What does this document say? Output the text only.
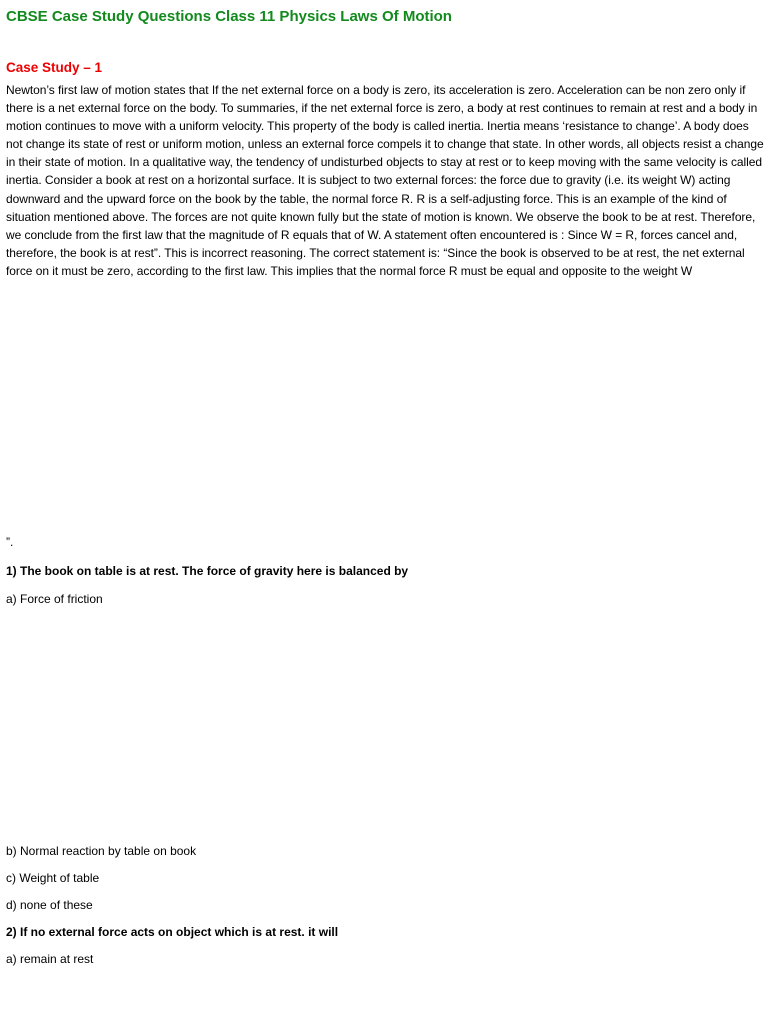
CBSE Case Study Questions Class 11 Physics Laws Of Motion
Case Study – 1

Newton’s first law of motion states that If the net external force on a body is zero, its acceleration is zero. Acceleration can be non zero only if there is a net external force on the body. To summaries, if the net external force is zero, a body at rest continues to remain at rest and a body in motion continues to move with a uniform velocity. This property of the body is called inertia. Inertia means ‘resistance to change’. A body does not change its state of rest or uniform motion, unless an external force compels it to change that state. In other words, all objects resist a change in their state of motion. In a qualitative way, the tendency of undisturbed objects to stay at rest or to keep moving with the same velocity is called inertia. Consider a book at rest on a horizontal surface. It is subject to two external forces: the force due to gravity (i.e. its weight W) acting downward and the upward force on the book by the table, the normal force R. R is a self-adjusting force. This is an example of the kind of situation mentioned above. The forces are not quite known fully but the state of motion is known. We observe the book to be at rest. Therefore, we conclude from the first law that the magnitude of R equals that of W. A statement often encountered is : Since W = R, forces cancel and, therefore, the book is at rest”. This is incorrect reasoning. The correct statement is: “Since the book is observed to be at rest, the net external force on it must be zero, according to the first law. This implies that the normal force R must be equal and opposite to the weight W

”.

1) The book on table is at rest. The force of gravity here is balanced by

a) Force of friction

b) Normal reaction by table on book

c) Weight of table

d) none of these

2) If no external force acts on object which is at rest. it will

a) remain at rest
